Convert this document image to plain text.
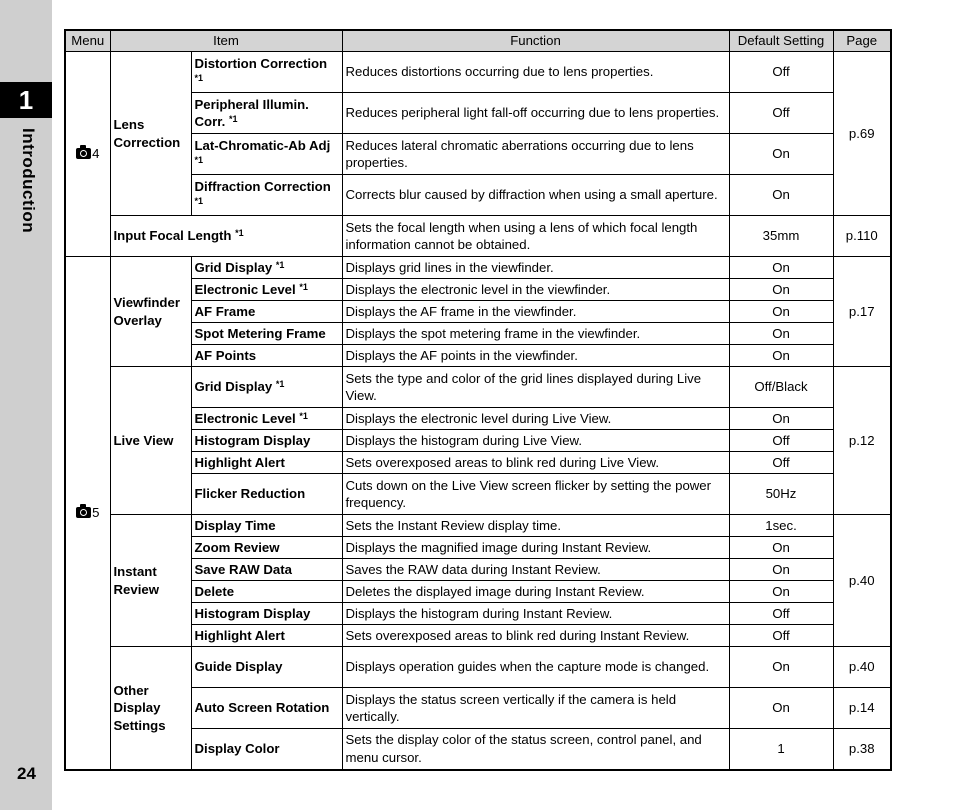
1
Introduction
24
Menu	Item		Function	Default Setting	Page
4	Lens Correction	Distortion Correction $^{*1}$	Reduces distortions occurring due to lens properties.	Off	p.69
		Peripheral Illumin. Corr. $^{*1}$	Reduces peripheral light fall-off occurring due to lens properties.	Off	
		Lat-Chromatic-Ab Adj $^{*1}$	Reduces lateral chromatic aberrations occurring due to lens properties.	On	
		Diffraction Correction $^{*1}$	Corrects blur caused by diffraction when using a small aperture.	On	
	Input Focal Length $^{*1}$		Sets the focal length when using a lens of which focal length information cannot be obtained.	35mm	p.110
5	Viewfinder Overlay	Grid Display $^{*1}$	Displays grid lines in the viewfinder.	On	p.17
		Electronic Level $^{*1}$	Displays the electronic level in the viewfinder.	On	
		AF Frame	Displays the AF frame in the viewfinder.	On	
		Spot Metering Frame	Displays the spot metering frame in the viewfinder.	On	
		AF Points	Displays the AF points in the viewfinder.	On	
	Live View	Grid Display $^{*1}$	Sets the type and color of the grid lines displayed during Live View.	Off/Black	p.12
		Electronic Level $^{*1}$	Displays the electronic level during Live View.	On	
		Histogram Display	Displays the histogram during Live View.	Off	
		Highlight Alert	Sets overexposed areas to blink red during Live View.	Off	
		Flicker Reduction	Cuts down on the Live View screen flicker by setting the power frequency.	50Hz	
	Instant Review	Display Time	Sets the Instant Review display time.	1sec.	p.40
		Zoom Review	Displays the magnified image during Instant Review.	On	
		Save RAW Data	Saves the RAW data during Instant Review.	On	
		Delete	Deletes the displayed image during Instant Review.	On	
		Histogram Display	Displays the histogram during Instant Review.	Off	
		Highlight Alert	Sets overexposed areas to blink red during Instant Review.	Off	
	Other Display Settings	Guide Display	Displays operation guides when the capture mode is changed.	On	p.40
		Auto Screen Rotation	Displays the status screen vertically if the camera is held vertically.	On	p.14
		Display Color	Sets the display color of the status screen, control panel, and menu cursor.	1	p.38
